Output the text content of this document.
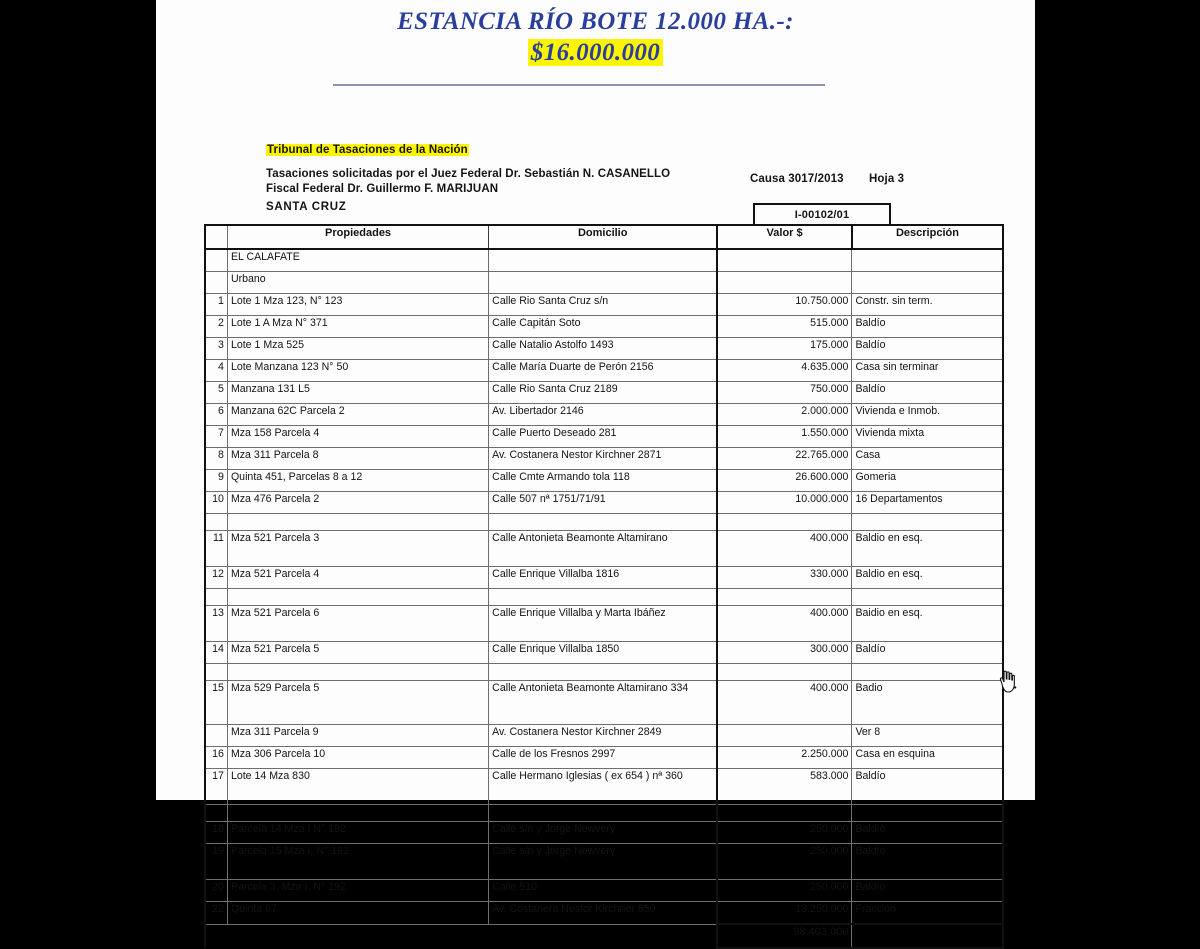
ESTANCIA RÍO BOTE 12.000 HA.-:
$16.000.000
Tribunal de Tasaciones de la Nación
Tasaciones solicitadas por el Juez Federal Dr. Sebastián N. CASANELLO
Fiscal Federal Dr. Guillermo F. MARIJUAN
SANTA CRUZ
Causa 3017/2013 Hoja 3
I-00102/01
	Propiedades	Domicilio	Valor $	Descripción
	EL CALAFATE			
	Urbano			
1	Lote 1 Mza 123, N° 123	Calle Rio Santa Cruz s/n	10.750.000	Constr. sin term.
2	Lote 1 A Mza N° 371	Calle Capitán Soto	515.000	Baldío
3	Lote 1 Mza 525	Calle Natalio Astolfo 1493	175.000	Baldío
4	Lote Manzana 123 N° 50	Calle María Duarte de Perón 2156	4.635.000	Casa sin terminar
5	Manzana 131 L5	Calle Rio Santa Cruz 2189	750.000	Baldío
6	Manzana 62C Parcela 2	Av. Libertador 2146	2.000.000	Vivienda e Inmob.
7	Mza 158 Parcela 4	Calle Puerto Deseado 281	1.550.000	Vivienda mixta
8	Mza 311 Parcela 8	Av. Costanera Nestor Kirchner 2871	22.765.000	Casa
9	Quinta 451, Parcelas 8 a 12	Calle Cmte Armando tola 118	26.600.000	Gomeria
10	Mza 476 Parcela 2	Calle 507 nª 1751/71/91	10.000.000	16 Departamentos

11	Mza 521 Parcela 3	Calle Antonieta Beamonte Altamirano	400.000	Baldio en esq.
12	Mza 521 Parcela 4	Calle Enrique Villalba 1816	330.000	Baldio en esq.

13	Mza 521 Parcela 6	Calle Enrique Villalba y Marta Ibáñez	400.000	Baidio en esq.
14	Mza 521 Parcela 5	Calle Enrique Villalba 1850	300.000	Baldío

15	Mza 529 Parcela 5	Calle Antonieta Beamonte Altamirano 334	400.000	Badio
	Mza 311 Parcela 9	Av. Costanera Nestor Kirchner 2849		Ver 8
16	Mza 306 Parcela 10	Calle de los Fresnos 2997	2.250.000	Casa en esquina
17	Lote 14 Mza 830	Calle Hermano Iglesias ( ex 654 ) nª 360	583.000	Baldío

18	Parcela 14 Mza I N° 192	Calle s/n y Jorge Newvery	250.000	Baldío
19	Parcela 15 Mza I, N° 192	Calle s/n y Jorge Newvery	250.000	Baldío
20	Parcela 3, Mza I, N° 192	Calle 510	250.000	Baldío
22	Quinta 67	Av. Costanera Nestor Kirchner 650	13.250.000	Fracción
			98.403.000	
